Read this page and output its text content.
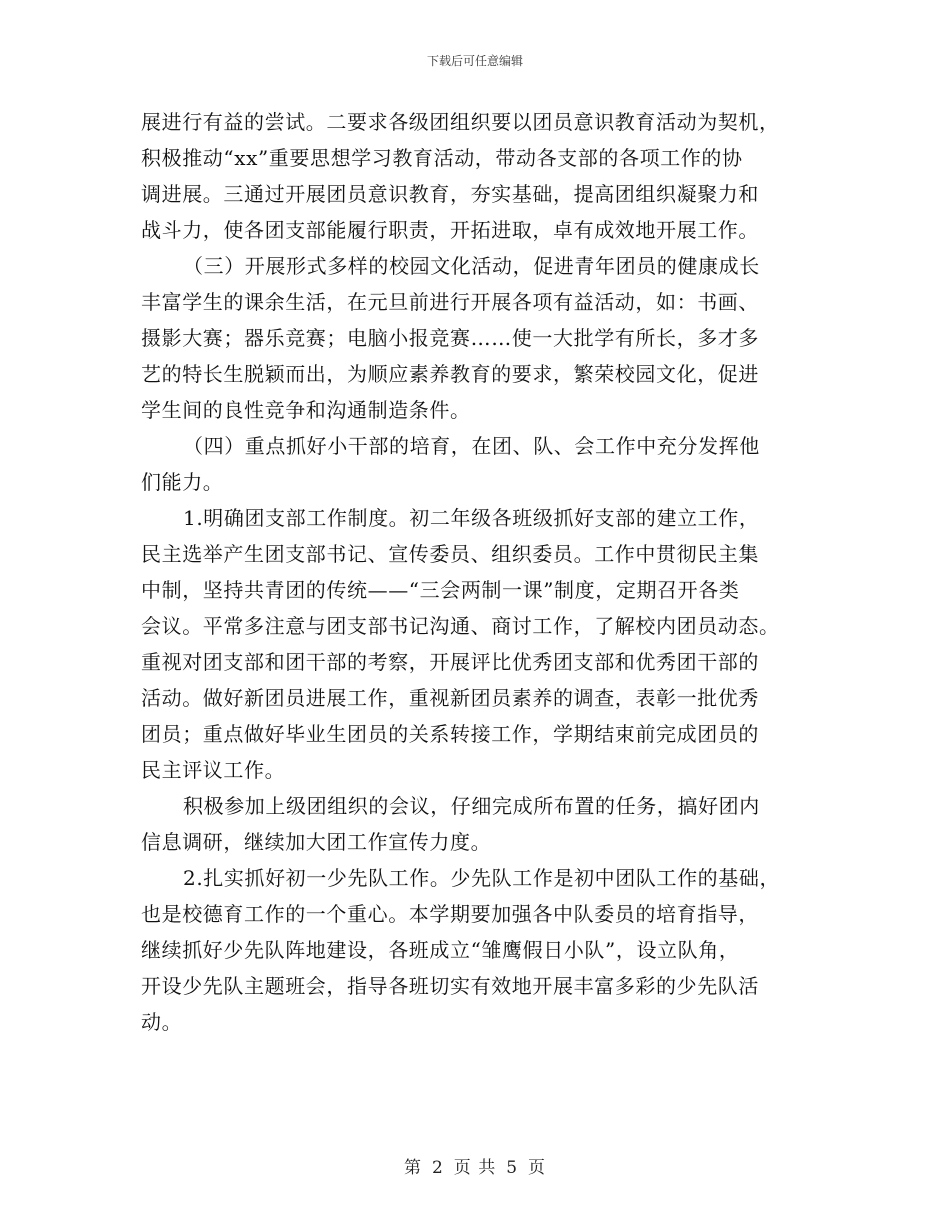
下载后可任意编辑

展进行有益的尝试。二要求各级团组织要以团员意识教育活动为契机，
积极推动“xx”重要思想学习教育活动，带动各支部的各项工作的协
调进展。三通过开展团员意识教育，夯实基础，提高团组织凝聚力和
战斗力，使各团支部能履行职责，开拓进取，卓有成效地开展工作。

（三）开展形式多样的校园文化活动，促进青年团员的健康成长
丰富学生的课余生活，在元旦前进行开展各项有益活动，如：书画、
摄影大赛；器乐竞赛；电脑小报竞赛……使一大批学有所长，多才多
艺的特长生脱颖而出，为顺应素养教育的要求，繁荣校园文化，促进
学生间的良性竞争和沟通制造条件。

（四）重点抓好小干部的培育，在团、队、会工作中充分发挥他
们能力。

1.明确团支部工作制度。初二年级各班级抓好支部的建立工作，
民主选举产生团支部书记、宣传委员、组织委员。工作中贯彻民主集
中制，坚持共青团的传统——“三会两制一课”制度，定期召开各类
会议。平常多注意与团支部书记沟通、商讨工作，了解校内团员动态。
重视对团支部和团干部的考察，开展评比优秀团支部和优秀团干部的
活动。做好新团员进展工作，重视新团员素养的调查，表彰一批优秀
团员；重点做好毕业生团员的关系转接工作，学期结束前完成团员的
民主评议工作。

积极参加上级团组织的会议，仔细完成所布置的任务，搞好团内
信息调研，继续加大团工作宣传力度。

2.扎实抓好初一少先队工作。少先队工作是初中团队工作的基础，
也是校德育工作的一个重心。本学期要加强各中队委员的培育指导，
继续抓好少先队阵地建设，各班成立“雏鹰假日小队”，设立队角，
开设少先队主题班会，指导各班切实有效地开展丰富多彩的少先队活
动。

第 2 页 共 5 页
